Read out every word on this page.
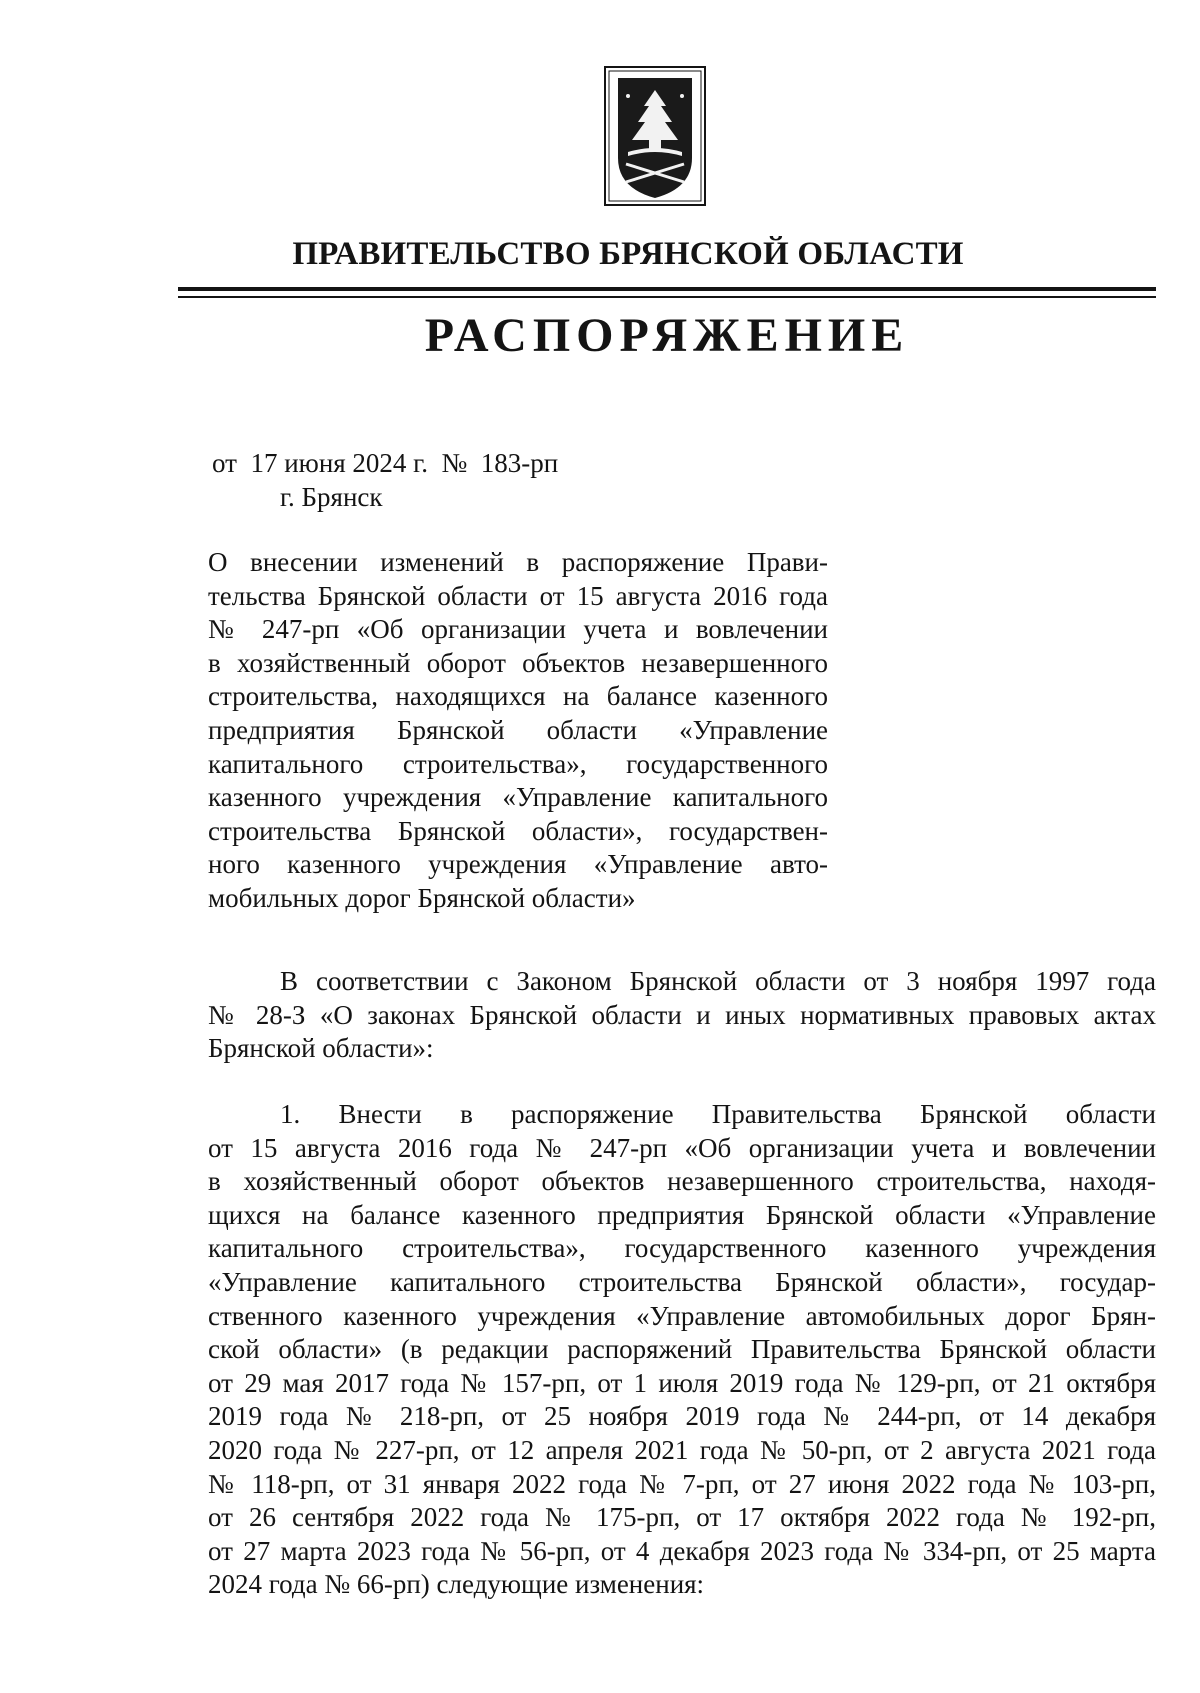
ПРАВИТЕЛЬСТВО БРЯНСКОЙ ОБЛАСТИ
РАСПОРЯЖЕНИЕ
от  17 июня 2024 г.  №  183-рп
г. Брянск
О внесении изменений в распоряжение Прави-
тельства Брянской области от 15 августа 2016 года
№ 247-рп «Об организации учета и вовлечении
в хозяйственный оборот объектов незавершенного
строительства, находящихся на балансе казенного
предприятия Брянской области «Управление
капитального строительства», государственного
казенного учреждения «Управление капитального
строительства Брянской области», государствен-
ного казенного учреждения «Управление авто-
мобильных дорог Брянской области»
В соответствии с Законом Брянской области от 3 ноября 1997 года
№ 28-З «О законах Брянской области и иных нормативных правовых актах
Брянской области»:
1. Внести в распоряжение Правительства Брянской области
от 15 августа 2016 года № 247-рп «Об организации учета и вовлечении
в хозяйственный оборот объектов незавершенного строительства, находя-
щихся на балансе казенного предприятия Брянской области «Управление
капитального строительства», государственного казенного учреждения
«Управление капитального строительства Брянской области», государ-
ственного казенного учреждения «Управление автомобильных дорог Брян-
ской области» (в редакции распоряжений Правительства Брянской области
от 29 мая 2017 года № 157-рп, от 1 июля 2019 года № 129-рп, от 21 октября
2019 года № 218-рп, от 25 ноября 2019 года № 244-рп, от 14 декабря
2020 года № 227-рп, от 12 апреля 2021 года № 50-рп, от 2 августа 2021 года
№ 118-рп, от 31 января 2022 года № 7-рп, от 27 июня 2022 года № 103-рп,
от 26 сентября 2022 года № 175-рп, от 17 октября 2022 года № 192-рп,
от 27 марта 2023 года № 56-рп, от 4 декабря 2023 года № 334-рп, от 25 марта
2024 года № 66-рп) следующие изменения:
